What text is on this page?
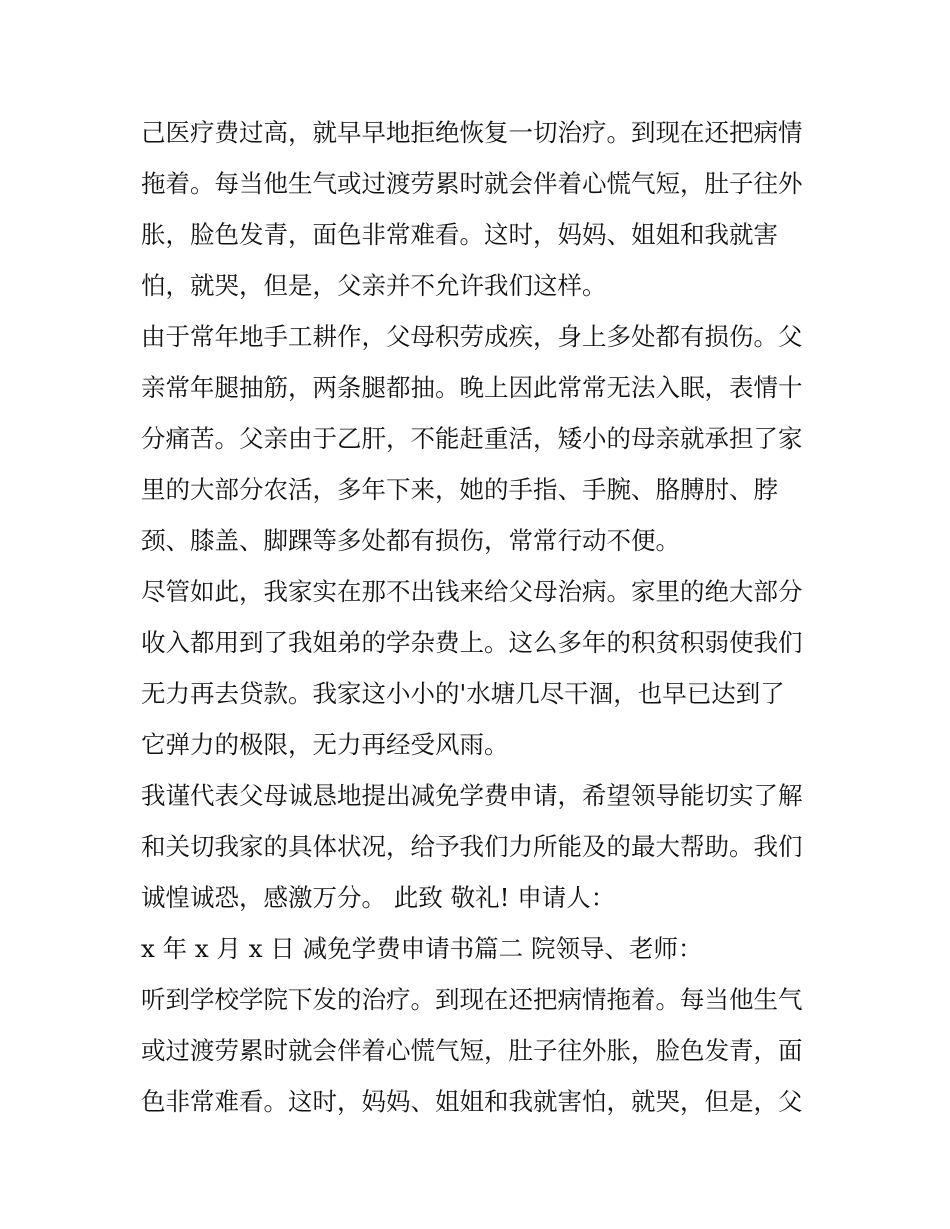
己医疗费过高，就早早地拒绝恢复一切治疗。到现在还把病情
拖着。每当他生气或过渡劳累时就会伴着心慌气短，肚子往外
胀，脸色发青，面色非常难看。这时，妈妈、姐姐和我就害
怕，就哭，但是，父亲并不允许我们这样。
由于常年地手工耕作，父母积劳成疾，身上多处都有损伤。父
亲常年腿抽筋，两条腿都抽。晚上因此常常无法入眠，表情十
分痛苦。父亲由于乙肝，不能赶重活，矮小的母亲就承担了家
里的大部分农活，多年下来，她的手指、手腕、胳膊肘、脖
颈、膝盖、脚踝等多处都有损伤，常常行动不便。
尽管如此，我家实在那不出钱来给父母治病。家里的绝大部分
收入都用到了我姐弟的学杂费上。这么多年的积贫积弱使我们
无力再去贷款。我家这小小的'水塘几尽干涸，也早已达到了
它弹力的极限，无力再经受风雨。
我谨代表父母诚恳地提出减免学费申请，希望领导能切实了解
和关切我家的具体状况，给予我们力所能及的最大帮助。我们
诚惶诚恐，感激万分。 此致 敬礼! 申请人：
x 年 x 月 x 日 减免学费申请书篇二 院领导、老师：
听到学校学院下发的治疗。到现在还把病情拖着。每当他生气
或过渡劳累时就会伴着心慌气短，肚子往外胀，脸色发青，面
色非常难看。这时，妈妈、姐姐和我就害怕，就哭，但是，父
